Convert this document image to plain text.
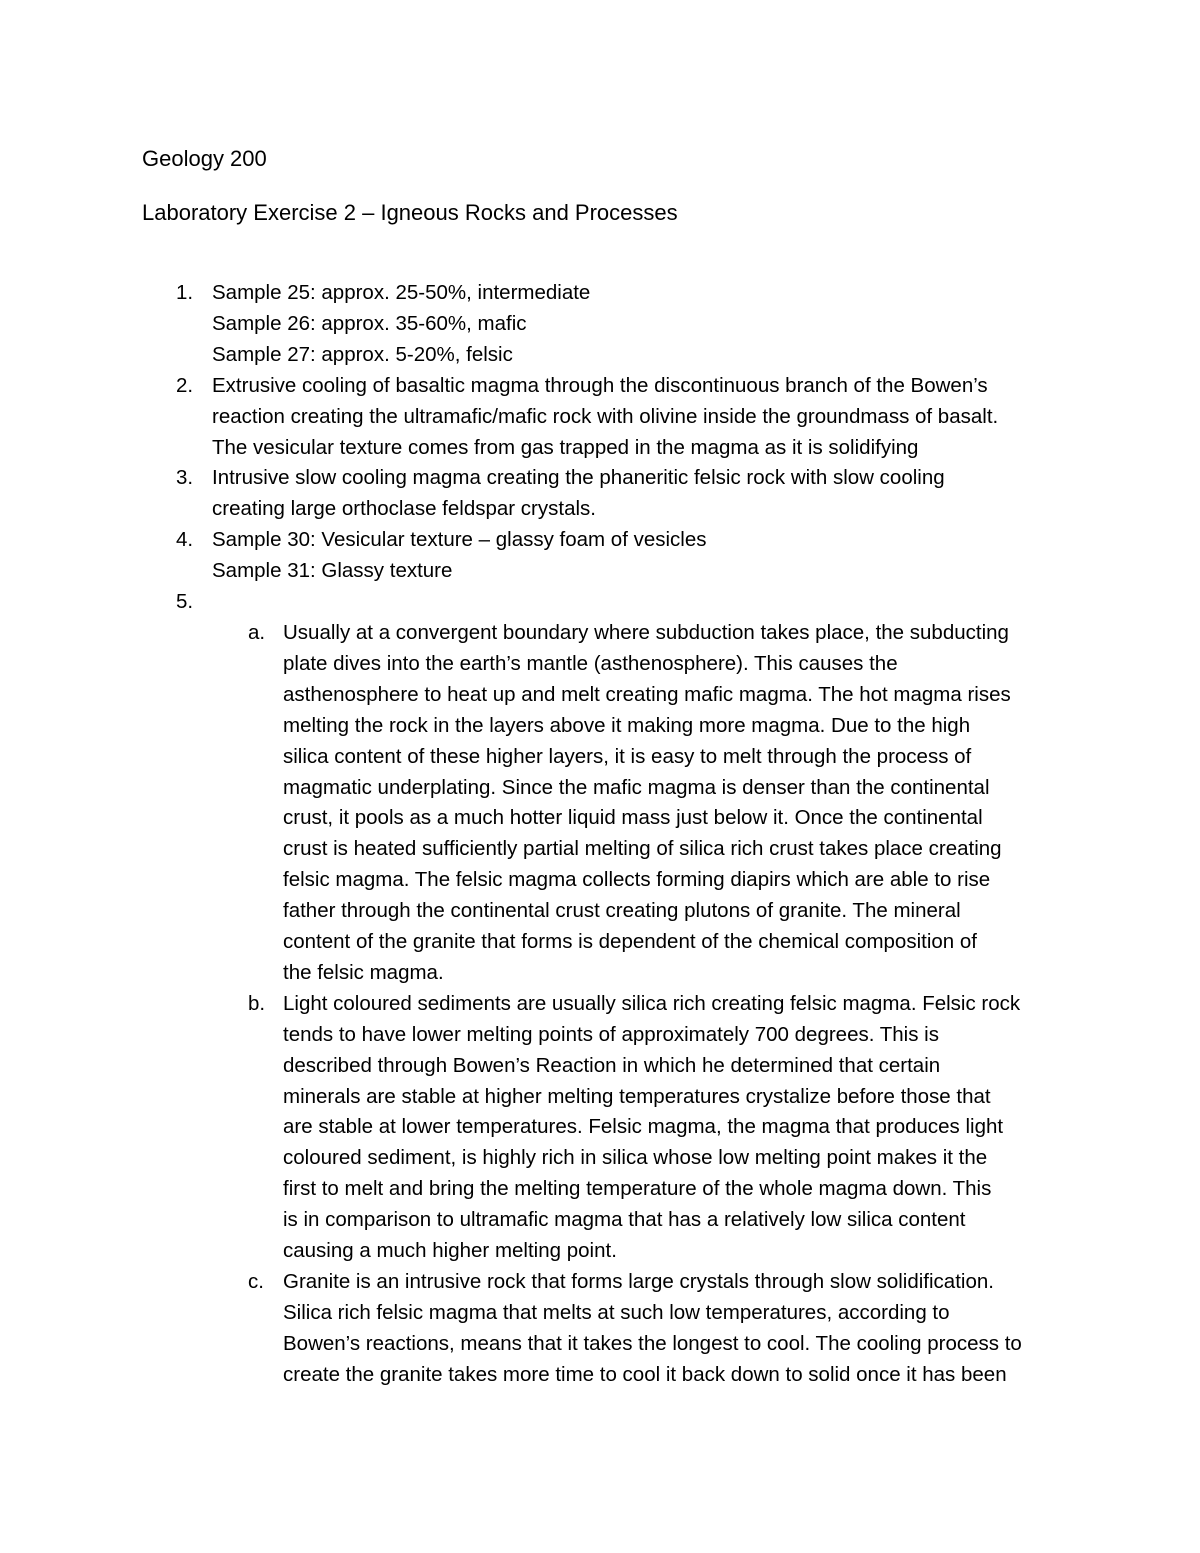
Geology 200
Laboratory Exercise 2 – Igneous Rocks and Processes
1. Sample 25: approx. 25-50%, intermediate
Sample 26: approx. 35-60%, mafic
Sample 27: approx. 5-20%, felsic
2. Extrusive cooling of basaltic magma through the discontinuous branch of the Bowen’s
reaction creating the ultramafic/mafic rock with olivine inside the groundmass of basalt.
The vesicular texture comes from gas trapped in the magma as it is solidifying
3. Intrusive slow cooling magma creating the phaneritic felsic rock with slow cooling
creating large orthoclase feldspar crystals.
4. Sample 30: Vesicular texture – glassy foam of vesicles
Sample 31: Glassy texture
5.

a. Usually at a convergent boundary where subduction takes place, the subducting
plate dives into the earth’s mantle (asthenosphere). This causes the
asthenosphere to heat up and melt creating mafic magma. The hot magma rises
melting the rock in the layers above it making more magma. Due to the high
silica content of these higher layers, it is easy to melt through the process of
magmatic underplating. Since the mafic magma is denser than the continental
crust, it pools as a much hotter liquid mass just below it. Once the continental
crust is heated sufficiently partial melting of silica rich crust takes place creating
felsic magma. The felsic magma collects forming diapirs which are able to rise
father through the continental crust creating plutons of granite. The mineral
content of the granite that forms is dependent of the chemical composition of
the felsic magma.
b. Light coloured sediments are usually silica rich creating felsic magma. Felsic rock
tends to have lower melting points of approximately 700 degrees. This is
described through Bowen’s Reaction in which he determined that certain
minerals are stable at higher melting temperatures crystalize before those that
are stable at lower temperatures. Felsic magma, the magma that produces light
coloured sediment, is highly rich in silica whose low melting point makes it the
first to melt and bring the melting temperature of the whole magma down. This
is in comparison to ultramafic magma that has a relatively low silica content
causing a much higher melting point.
c. Granite is an intrusive rock that forms large crystals through slow solidification.
Silica rich felsic magma that melts at such low temperatures, according to
Bowen’s reactions, means that it takes the longest to cool. The cooling process to
create the granite takes more time to cool it back down to solid once it has been
